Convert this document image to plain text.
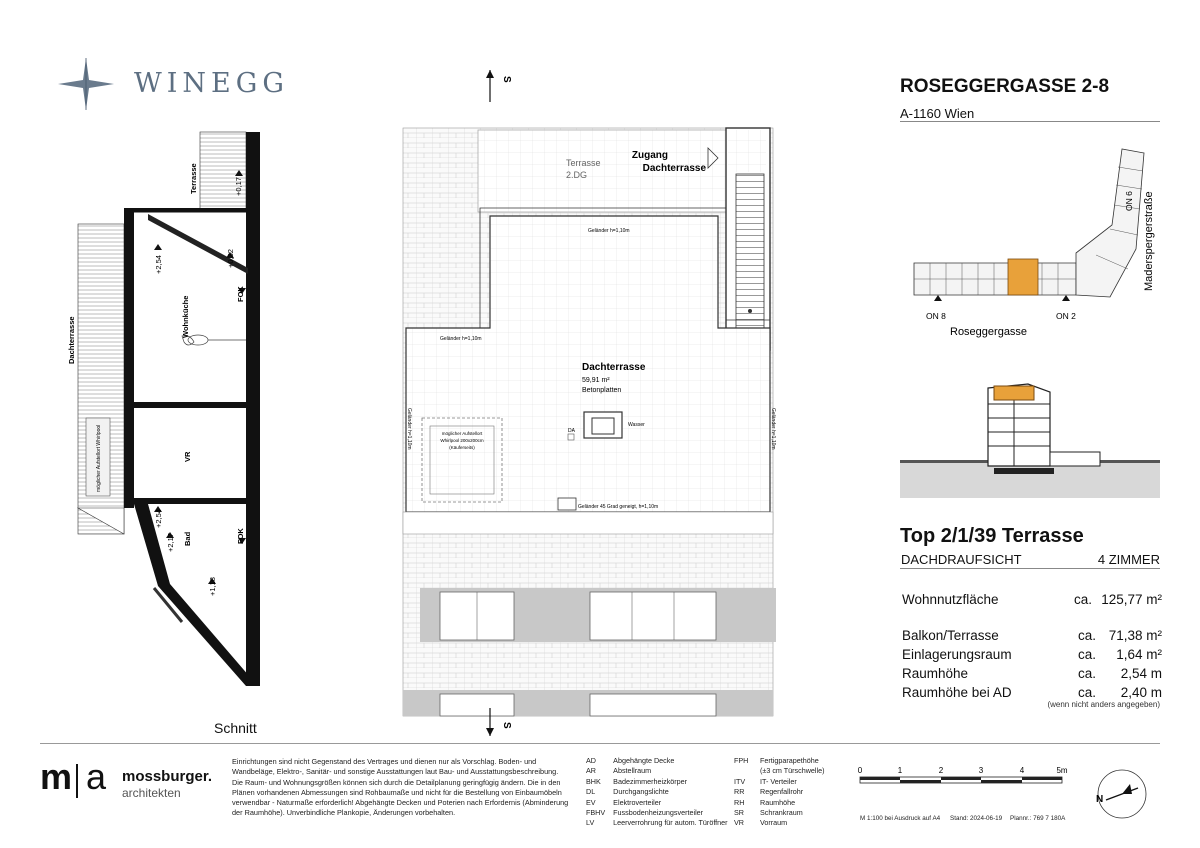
WINEGG	ROSEGGERGASSE 2-8
A-1160 Wien
ON 8	ON 2
ON 6
Roseggergasse
Maderspergerstraße
Top 2/1/39 Terrasse
DACHDRAUFSICHT	4 ZIMMER
Wohnnutzfläche	ca. 125,77 m²
Balkon/Terrasse	ca. 71,38 m²
Einlagerungsraum	ca. 1,64 m²
Raumhöhe	ca. 2,54 m
Raumhöhe bei AD	ca. 2,40 m
(wenn nicht anders angegeben)
möglicher Aufstellort Whirlpool
+2,54
+0,17
+0,32
+2,54
+2,17
+1,18
FOK
FOK
Dachterrasse
Terrasse
Wohnküche
VR
Bad
Schnitt
S
Terrasse
2.DG
Zugang
Dachterrasse
Geländer h=1,10m
Geländer h=1,10m
Geländer h=1,10m	Geländer h=1,10m
Geländer 45 Grad geneigt, h=1,10m
Dachterrasse
59,91 m²
Betonplatten
Wasser
DA
möglicher Aufstellort
Whirlpool 200x200cm
(Käuferseits)
S
m a mossburger.
architekten
Einrichtungen sind nicht Gegenstand des Vertrages und dienen nur als Vorschlag. Boden- und
Wandbeläge, Elektro-, Sanitär- und sonstige Ausstattungen laut Bau- und Ausstattungsbeschreibung.
Die Raum- und Wohnungsgrößen können sich durch die Detailplanung geringfügig ändern. Die in den
Plänen vorhandenen Abmessungen sind Rohbaumaße und nicht für die Bestellung von Einbaumöbeln
verwendbar - Naturmaße erforderlich! Abgehängte Decken und Poterien nach Erfordernis (Abminderung
der Raumhöhe). Unverbindliche Plankopie, Änderungen vorbehalten.
AD	Abgehängte Decke
AR	Abstellraum
BHK	Badezimmerheizkörper
DL	Durchgangslichte
EV	Elektroverteiler
FBHV	Fussbodenheizungsverteiler
LV	Leerverrohrung für autom. Türöffner
FPH	Fertigparapethöhe
	(±3 cm Türschwelle)
ITV	IT- Verteiler
RR	Regenfallrohr
RH	Raumhöhe
SR	Schrankraum
VR	Vorraum
0	1	2	3	4	5m
M 1:100 bei Ausdruck auf A4 Stand: 2024-06-19 Plannr.: 769 7 180A
N
